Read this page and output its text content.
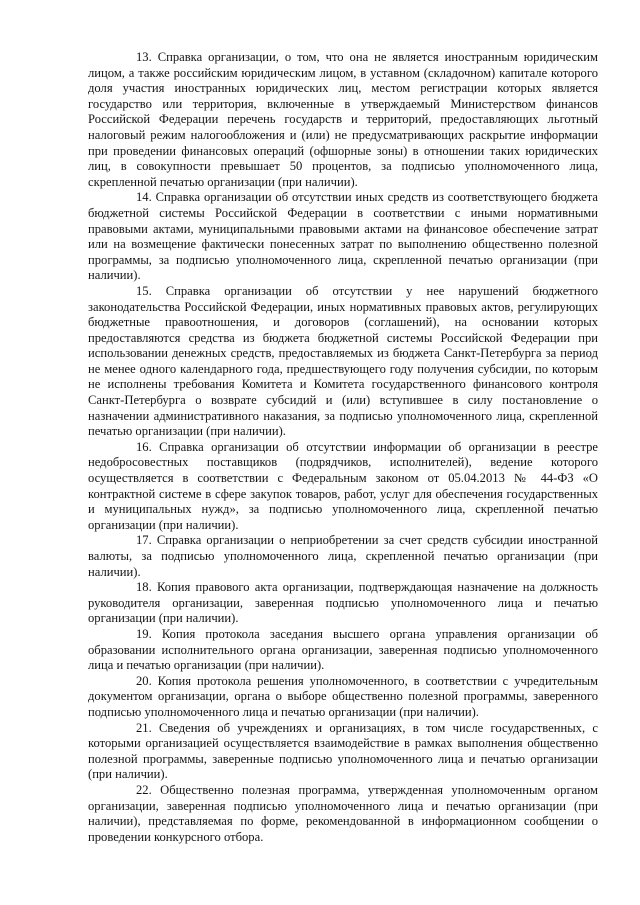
13. Справка организации, о том, что она не является иностранным юридическим лицом, а также российским юридическим лицом, в уставном (складочном) капитале которого доля участия иностранных юридических лиц, местом регистрации которых является государство или территория, включенные в утверждаемый Министерством финансов Российской Федерации перечень государств и территорий, предоставляющих льготный налоговый режим налогообложения и (или) не предусматривающих раскрытие информации при проведении финансовых операций (офшорные зоны) в отношении таких юридических лиц, в совокупности превышает 50 процентов, за подписью уполномоченного лица, скрепленной печатью организации (при наличии).

14. Справка организации об отсутствии иных средств из соответствующего бюджета бюджетной системы Российской Федерации в соответствии с иными нормативными правовыми актами, муниципальными правовыми актами на финансовое обеспечение затрат или на возмещение фактически понесенных затрат по выполнению общественно полезной программы, за подписью уполномоченного лица, скрепленной печатью организации (при наличии).

15. Справка организации об отсутствии у нее нарушений бюджетного законодательства Российской Федерации, иных нормативных правовых актов, регулирующих бюджетные правоотношения, и договоров (соглашений), на основании которых предоставляются средства из бюджета бюджетной системы Российской Федерации при использовании денежных средств, предоставляемых из бюджета Санкт-Петербурга за период не менее одного календарного года, предшествующего году получения субсидии, по которым не исполнены требования Комитета и Комитета государственного финансового контроля Санкт-Петербурга о возврате субсидий и (или) вступившее в силу постановление о назначении административного наказания, за подписью уполномоченного лица, скрепленной печатью организации (при наличии).

16. Справка организации об отсутствии информации об организации в реестре недобросовестных поставщиков (подрядчиков, исполнителей), ведение которого осуществляется в соответствии с Федеральным законом от 05.04.2013 № 44-ФЗ «О контрактной системе в сфере закупок товаров, работ, услуг для обеспечения государственных и муниципальных нужд», за подписью уполномоченного лица, скрепленной печатью организации (при наличии).

17. Справка организации о неприобретении за счет средств субсидии иностранной валюты, за подписью уполномоченного лица, скрепленной печатью организации (при наличии).

18. Копия правового акта организации, подтверждающая назначение на должность руководителя организации, заверенная подписью уполномоченного лица и печатью организации (при наличии).

19. Копия протокола заседания высшего органа управления организации об образовании исполнительного органа организации, заверенная подписью уполномоченного лица и печатью организации (при наличии).

20. Копия протокола решения уполномоченного, в соответствии с учредительным документом организации, органа о выборе общественно полезной программы, заверенного подписью уполномоченного лица и печатью организации (при наличии).

21. Сведения об учреждениях и организациях, в том числе государственных, с которыми организацией осуществляется взаимодействие в рамках выполнения общественно полезной программы, заверенные подписью уполномоченного лица и печатью организации (при наличии).

22. Общественно полезная программа, утвержденная уполномоченным органом организации, заверенная подписью уполномоченного лица и печатью организации (при наличии), представляемая по форме, рекомендованной в информационном сообщении о проведении конкурсного отбора.
